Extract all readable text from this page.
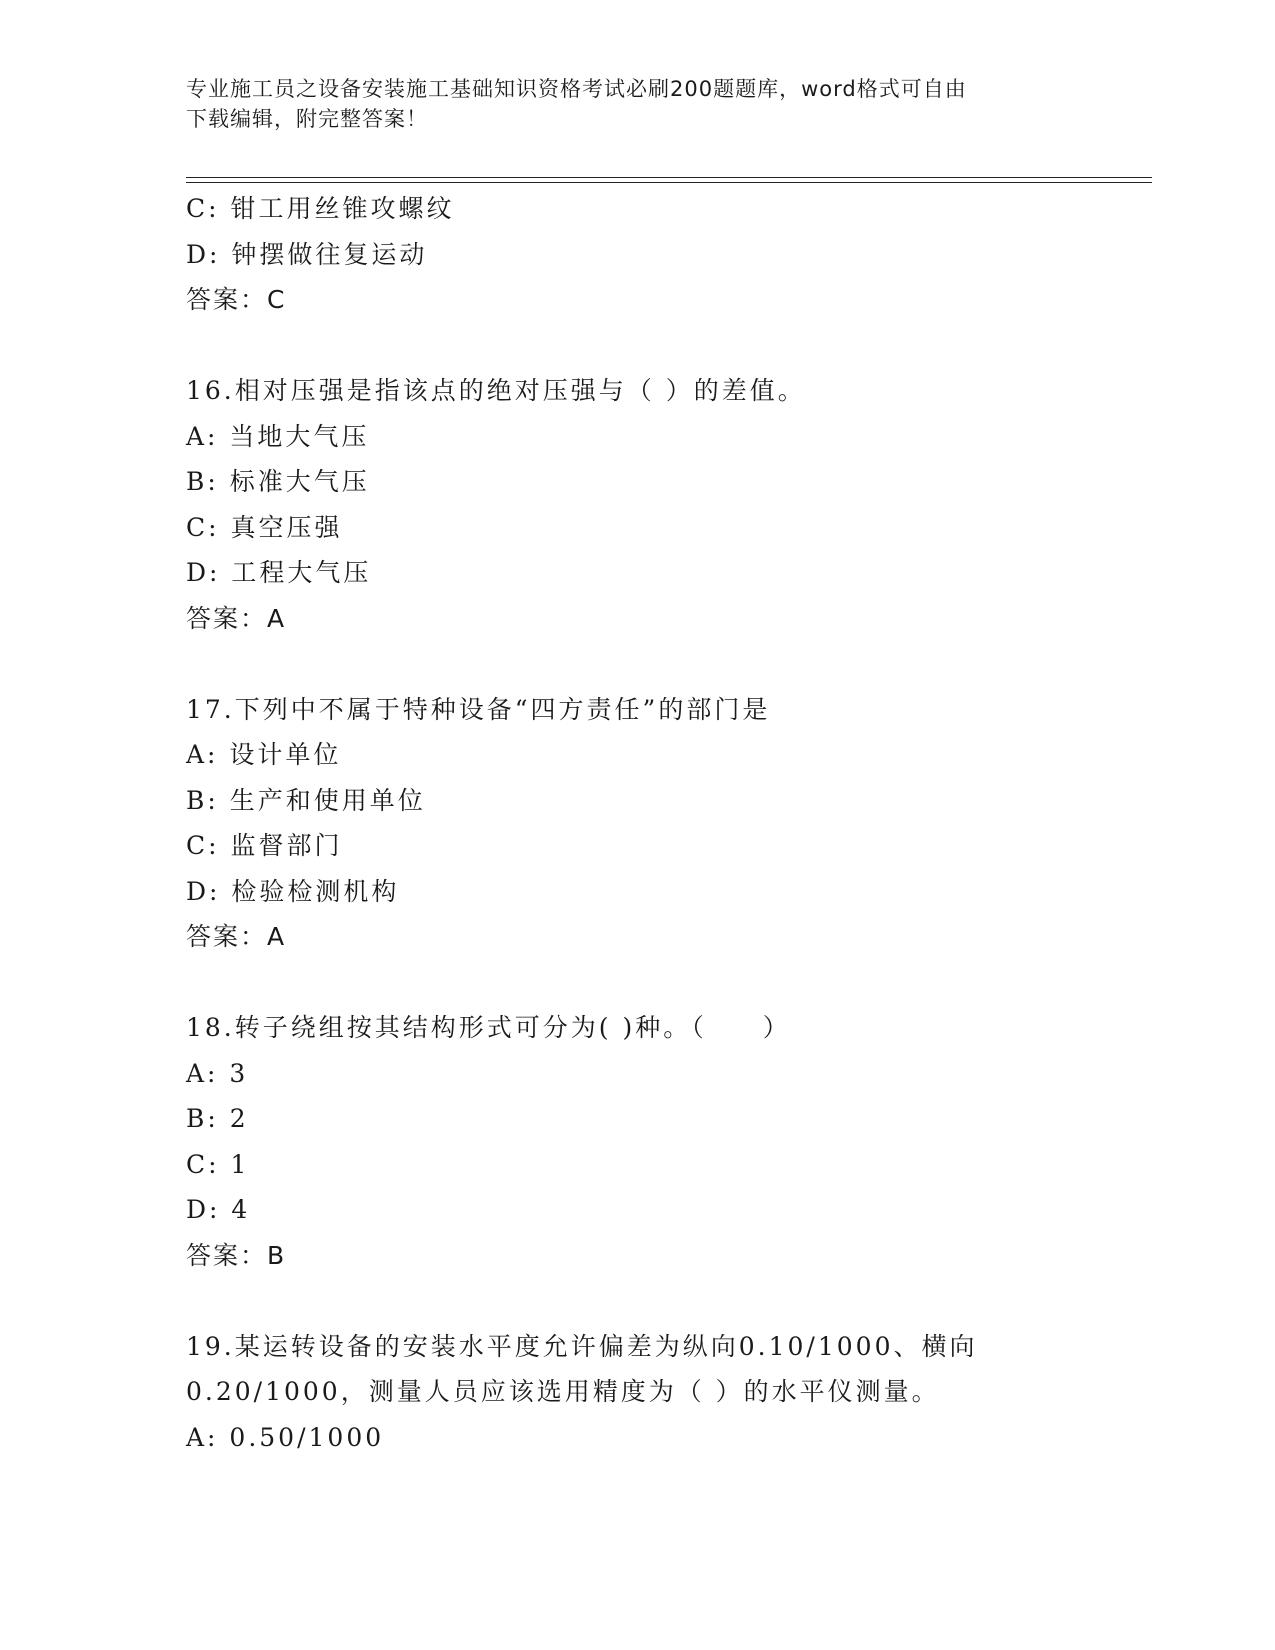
专业施工员之设备安装施工基础知识资格考试必刷200题题库，word格式可自由
下载编辑，附完整答案！
C: 钳工用丝锥攻螺纹
D: 钟摆做往复运动
答案：C
16.相对压强是指该点的绝对压强与（ ）的差值。
A: 当地大气压
B: 标准大气压
C: 真空压强
D: 工程大气压
答案：A
17.下列中不属于特种设备“四方责任”的部门是
A: 设计单位
B: 生产和使用单位
C: 监督部门
D: 检验检测机构
答案：A
18.转子绕组按其结构形式可分为( )种。（　　）
A: 3
B: 2
C: 1
D: 4
答案：B
19.某运转设备的安装水平度允许偏差为纵向0.10/1000、横向
0.20/1000，测量人员应该选用精度为（ ）的水平仪测量。
A: 0.50/1000
